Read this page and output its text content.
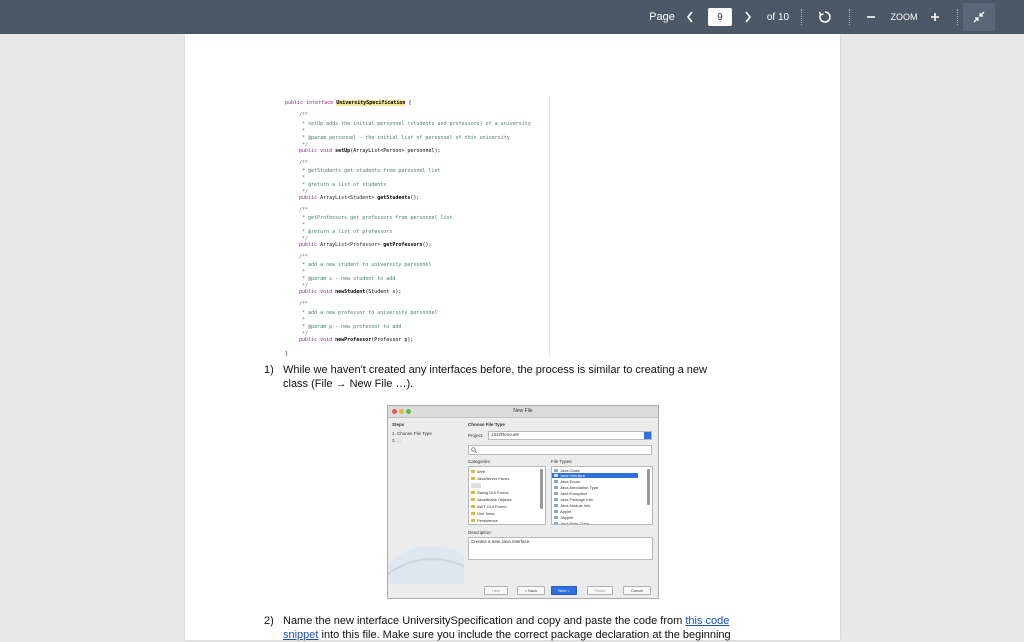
Page
9	of 10	ZOOM
public interface UniversitySpecification {
/**
* setUp adds the initial personnel (students and professors) of a university
*
* @param personnel - the initial list of personnel of this university
*/
public void setUp(ArrayList<Person> personnel);
/**
* getStudents get students from personnel list
*
* @return a list of students
*/
public ArrayList<Student> getStudents();
/**
* getProfessors get professors from personnel list
*
* @return a list of professors
*/
public ArrayList<Professor> getProfessors();
/**
* add a new student to university personnel
*
* @param s - new student to add
*/
public void newStudent(Student s);
/**
* add a new professor to university personnel
*
* @param p - new professor to add
*/
public void newProfessor(Professor p);
}
1) While we haven't created any interfaces before, the process is similar to creating a new
class (File → New File …).
New File
Steps
1. Choose File Type
2. ...
Choose File Type
Project: 1332Rescue9
Categories:
Web
JavaServer Faces
Swing GUI Forms
JavaBeans Objects
AWT GUI Forms
Unit Tests
Persistence
File Types:
Java Class
Java Interface
Java Enum
Java Annotation Type
Java Exception
Java Package Info
Java Module Info
Applet
JApplet
Java Main Class
Description:
Creates a new Java interface.
Help	< Back	Next >	Finish	Cancel
2) Name the new interface UniversitySpecification and copy and paste the code from this code
snippet into this file. Make sure you include the correct package declaration at the beginning
